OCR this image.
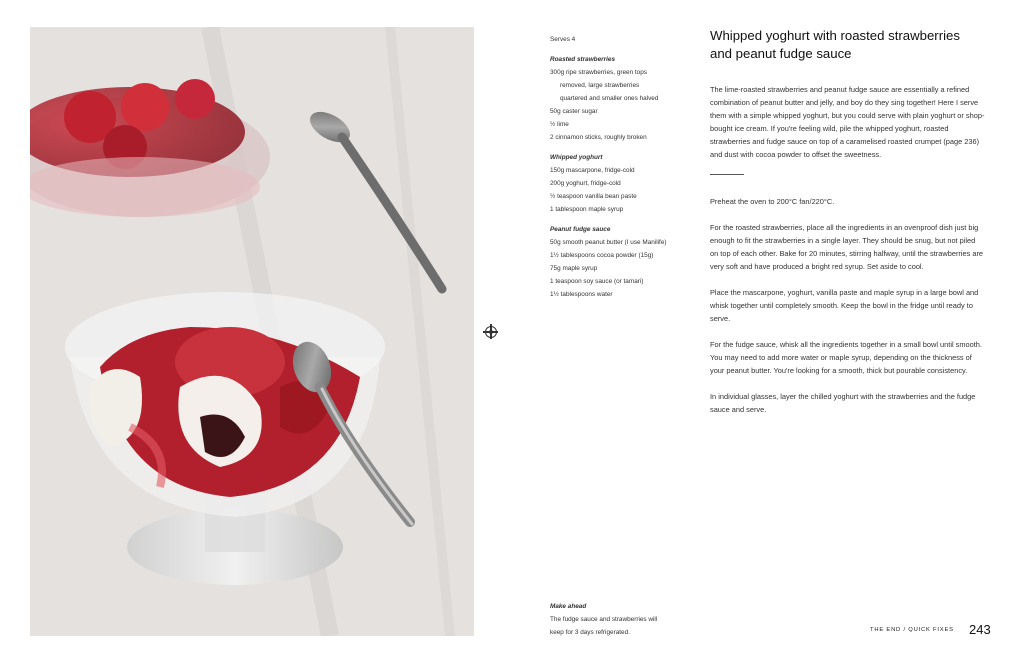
Serves 4

Roasted strawberries

300g ripe strawberries, green tops

removed, large strawberries

quartered and smaller ones halved

50g caster sugar

½ lime

2 cinnamon sticks, roughly broken

Whipped yoghurt

150g mascarpone, fridge-cold

200g yoghurt, fridge-cold

½ teaspoon vanilla bean paste

1 tablespoon maple syrup

Peanut fudge sauce

50g smooth peanut butter (I use Manilife)

1½ tablespoons cocoa powder (15g)

75g maple syrup

1 teaspoon soy sauce (or tamari)

1½ tablespoons water

Make ahead

The fudge sauce and strawberries will

keep for 3 days refrigerated.

Whipped yoghurt with roasted strawberries and peanut fudge sauce

The lime-roasted strawberries and peanut fudge sauce are essentially a refined combination of peanut butter and jelly, and boy do they sing together! Here I serve them with a simple whipped yoghurt, but you could serve with plain yoghurt or shop-bought ice cream. If you're feeling wild, pile the whipped yoghurt, roasted strawberries and fudge sauce on top of a caramelised roasted crumpet (page 236) and dust with cocoa powder to offset the sweetness.

Preheat the oven to 200°C fan/220°C.

For the roasted strawberries, place all the ingredients in an ovenproof dish just big enough to fit the strawberries in a single layer. They should be snug, but not piled on top of each other. Bake for 20 minutes, stirring halfway, until the strawberries are very soft and have produced a bright red syrup. Set aside to cool.

Place the mascarpone, yoghurt, vanilla paste and maple syrup in a large bowl and whisk together until completely smooth. Keep the bowl in the fridge until ready to serve.

For the fudge sauce, whisk all the ingredients together in a small bowl until smooth. You may need to add more water or maple syrup, depending on the thickness of your peanut butter. You're looking for a smooth, thick but pourable consistency.

In individual glasses, layer the chilled yoghurt with the strawberries and the fudge sauce and serve.

THE END / QUICK FIXES 243
